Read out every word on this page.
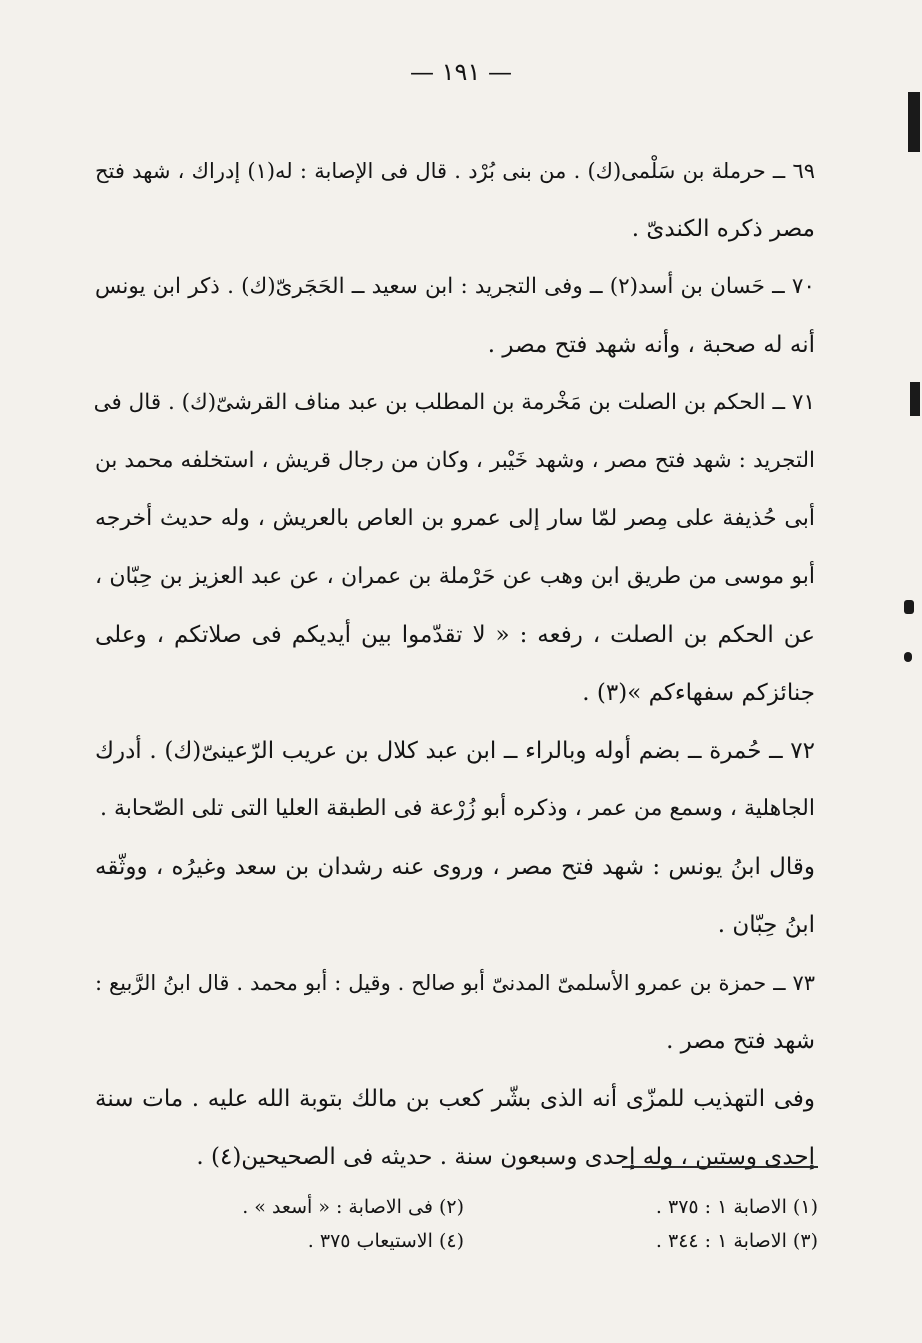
— ١٩١ —
٦٩ ــ حرملة بن سَلْمى(ك) . من بنى بُرْد . قال فى الإصابة : له(١) إدراك ، شهد فتح
مصر ذكره الكندىّ .
٧٠ ــ حَسان بن أسد(٢) ــ وفى التجريد : ابن سعيد ــ الحَجَرىّ(ك) . ذكر ابن يونس
أنه له صحبة ، وأنه شهد فتح مصر .
٧١ ــ الحكم بن الصلت بن مَخْرمة بن المطلب بن عبد مناف القرشىّ(ك) . قال فى
التجريد : شهد فتح مصر ، وشهد خَيْبر ، وكان من رجال قريش ، استخلفه محمد بن
أبى حُذيفة على مِصر لمّا سار إلى عمرو بن العاص بالعريش ، وله حديث أخرجه
أبو موسى من طريق ابن وهب عن حَرْملة بن عمران ، عن عبد العزيز بن حِبّان ،
عن الحكم بن الصلت ، رفعه : « لا تقدّموا بين أيديكم فى صلاتكم ، وعلى
جنائزكم سفهاءكم »(٣) .
٧٢ ــ حُمرة ــ بضم أوله وبالراء ــ ابن عبد كلال بن عريب الرّعينىّ(ك) . أدرك
الجاهلية ، وسمع من عمر ، وذكره أبو زُرْعة فى الطبقة العليا التى تلى الصّحابة .
وقال ابنُ يونس : شهد فتح مصر ، وروى عنه رشدان بن سعد وغيرُه ، ووثّقه
ابنُ حِبّان .
٧٣ ــ حمزة بن عمرو الأسلمىّ المدنىّ أبو صالح . وقيل : أبو محمد . قال ابنُ الرَّبيع :
شهد فتح مصر .
وفى التهذيب للمزّى أنه الذى بشّر كعب بن مالك بتوبة الله عليه . مات سنة
إحدى وستين ، وله إحدى وسبعون سنة . حديثه فى الصحيحين(٤) .
(١) الاصابة ١ : ٣٧٥ .
(٣) الاصابة ١ : ٣٤٤ .
(٢) فى الاصابة : « أسعد » .
(٤) الاستيعاب ٣٧٥ .
